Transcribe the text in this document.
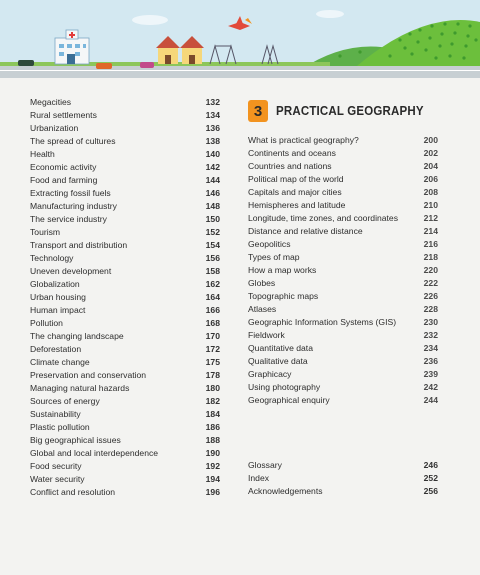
Megacities	132
Rural settlements	134
Urbanization	136
The spread of cultures	138
Health	140
Economic activity	142
Food and farming	144
Extracting fossil fuels	146
Manufacturing industry	148
The service industry	150
Tourism	152
Transport and distribution	154
Technology	156
Uneven development	158
Globalization	162
Urban housing	164
Human impact	166
Pollution	168
The changing landscape	170
Deforestation	172
Climate change	175
Preservation and conservation	178
Managing natural hazards	180
Sources of energy	182
Sustainability	184
Plastic pollution	186
Big geographical issues	188
Global and local interdependence	190
Food security	192
Water security	194
Conflict and resolution	196
3	PRACTICAL GEOGRAPHY
What is practical geography?	200
Continents and oceans	202
Countries and nations	204
Political map of the world	206
Capitals and major cities	208
Hemispheres and latitude	210
Longitude, time zones, and coordinates	212
Distance and relative distance	214
Geopolitics	216
Types of map	218
How a map works	220
Globes	222
Topographic maps	226
Atlases	228
Geographic Information Systems (GIS)	230
Fieldwork	232
Quantitative data	234
Qualitative data	236
Graphicacy	239
Using photography	242
Geographical enquiry	244
Glossary	246
Index	252
Acknowledgements	256
